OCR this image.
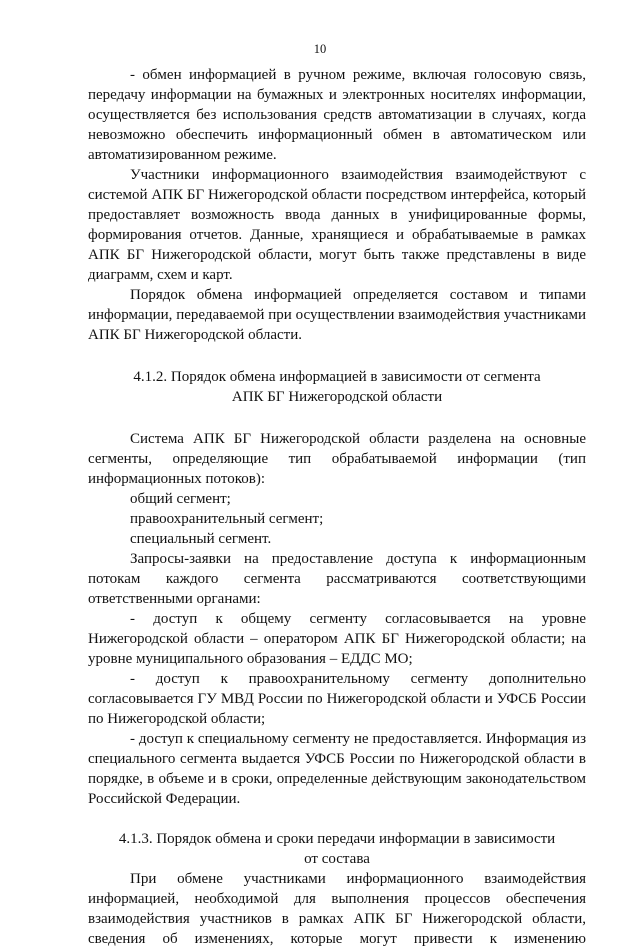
10

- обмен информацией в ручном режиме, включая голосовую связь, передачу информации на бумажных и электронных носителях информации, осуществляется без использования средств автоматизации в случаях, когда невозможно обеспечить информационный обмен в автоматическом или автоматизированном режиме.

Участники информационного взаимодействия взаимодействуют с системой АПК БГ Нижегородской области посредством интерфейса, который предоставляет возможность ввода данных в унифицированные формы, формирования отчетов. Данные, хранящиеся и обрабатываемые в рамках АПК БГ Нижегородской области, могут быть также представлены в виде диаграмм, схем и карт.

Порядок обмена информацией определяется составом и типами информации, передаваемой при осуществлении взаимодействия участниками АПК БГ Нижегородской области.

4.1.2. Порядок обмена информацией в зависимости от сегмента
АПК БГ Нижегородской области

Система АПК БГ Нижегородской области разделена на основные сегменты, определяющие тип обрабатываемой информации (тип информационных потоков):

общий сегмент;

правоохранительный сегмент;

специальный сегмент.

Запросы-заявки на предоставление доступа к информационным потокам каждого сегмента рассматриваются соответствующими ответственными органами:

- доступ к общему сегменту согласовывается на уровне Нижегородской области – оператором АПК БГ Нижегородской области; на уровне муниципального образования – ЕДДС МО;

- доступ к правоохранительному сегменту дополнительно согласовывается ГУ МВД России по Нижегородской области и УФСБ России по Нижегородской области;

- доступ к специальному сегменту не предоставляется. Информация из специального сегмента выдается УФСБ России по Нижегородской области в порядке, в объеме и в сроки, определенные действующим законодательством Российской Федерации.

4.1.3. Порядок обмена и сроки передачи информации в зависимости
от состава

При обмене участниками информационного взаимодействия информацией, необходимой для выполнения процессов обеспечения взаимодействия участников в рамках АПК БГ Нижегородской области, сведения об изменениях, которые могут привести к изменению
